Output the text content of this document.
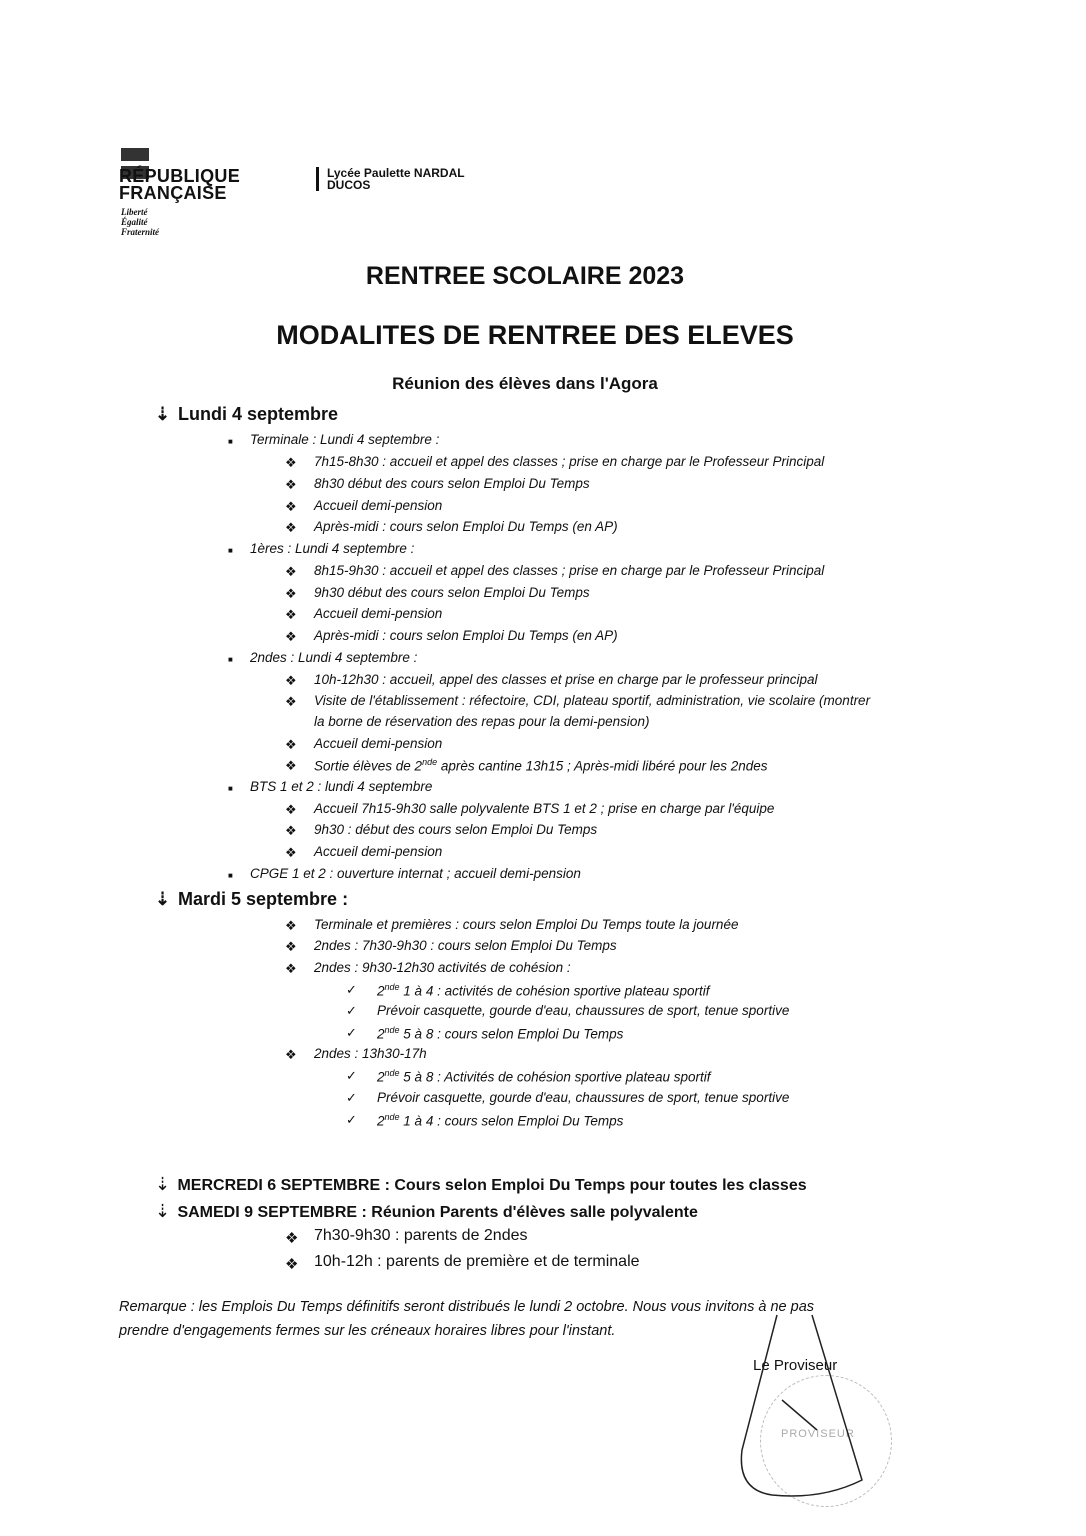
RÉPUBLIQUE
FRANÇAISE
Liberté
Égalité
Fraternité
Lycée Paulette NARDAL
DUCOS
RENTREE SCOLAIRE 2023
MODALITES DE RENTREE DES ELEVES
Réunion des élèves dans l'Agora
⇣ Lundi 4 septembre
■ Terminale : Lundi 4 septembre :
❖ 7h15-8h30 : accueil et appel des classes ; prise en charge par le Professeur Principal
❖ 8h30 début des cours selon Emploi Du Temps
❖ Accueil demi-pension
❖ Après-midi : cours selon Emploi Du Temps (en AP)
■ 1ères : Lundi 4 septembre :
❖ 8h15-9h30 : accueil et appel des classes ; prise en charge par le Professeur Principal
❖ 9h30 début des cours selon Emploi Du Temps
❖ Accueil demi-pension
❖ Après-midi : cours selon Emploi Du Temps (en AP)
■ 2ndes : Lundi 4 septembre :
❖ 10h-12h30 : accueil, appel des classes et prise en charge par le professeur principal
❖ Visite de l'établissement : réfectoire, CDI, plateau sportif, administration, vie scolaire (montrer
la borne de réservation des repas pour la demi-pension)
❖ Accueil demi-pension
❖ Sortie élèves de 2nde après cantine 13h15 ; Après-midi libéré pour les 2ndes
■ BTS 1 et 2 : lundi 4 septembre
❖ Accueil 7h15-9h30 salle polyvalente BTS 1 et 2 ; prise en charge par l'équipe
❖ 9h30 : début des cours selon Emploi Du Temps
❖ Accueil demi-pension
■ CPGE 1 et 2 : ouverture internat ; accueil demi-pension
⇣ Mardi 5 septembre :
❖ Terminale et premières : cours selon Emploi Du Temps toute la journée
❖ 2ndes : 7h30-9h30 : cours selon Emploi Du Temps
❖ 2ndes : 9h30-12h30 activités de cohésion :
✓ 2nde 1 à 4 : activités de cohésion sportive plateau sportif
✓ Prévoir casquette, gourde d'eau, chaussures de sport, tenue sportive
✓ 2nde 5 à 8 : cours selon Emploi Du Temps
❖ 2ndes : 13h30-17h
✓ 2nde 5 à 8 : Activités de cohésion sportive plateau sportif
✓ Prévoir casquette, gourde d'eau, chaussures de sport, tenue sportive
✓ 2nde 1 à 4 : cours selon Emploi Du Temps
⇣ MERCREDI 6 SEPTEMBRE : Cours selon Emploi Du Temps pour toutes les classes
⇣ SAMEDI 9 SEPTEMBRE : Réunion Parents d'élèves salle polyvalente
❖ 7h30-9h30 : parents de 2ndes
❖ 10h-12h : parents de première et de terminale
Remarque : les Emplois Du Temps définitifs seront distribués le lundi 2 octobre. Nous vous invitons à ne pas
prendre d'engagements fermes sur les créneaux horaires libres pour l'instant.
Le Proviseur
PROVISEUR
